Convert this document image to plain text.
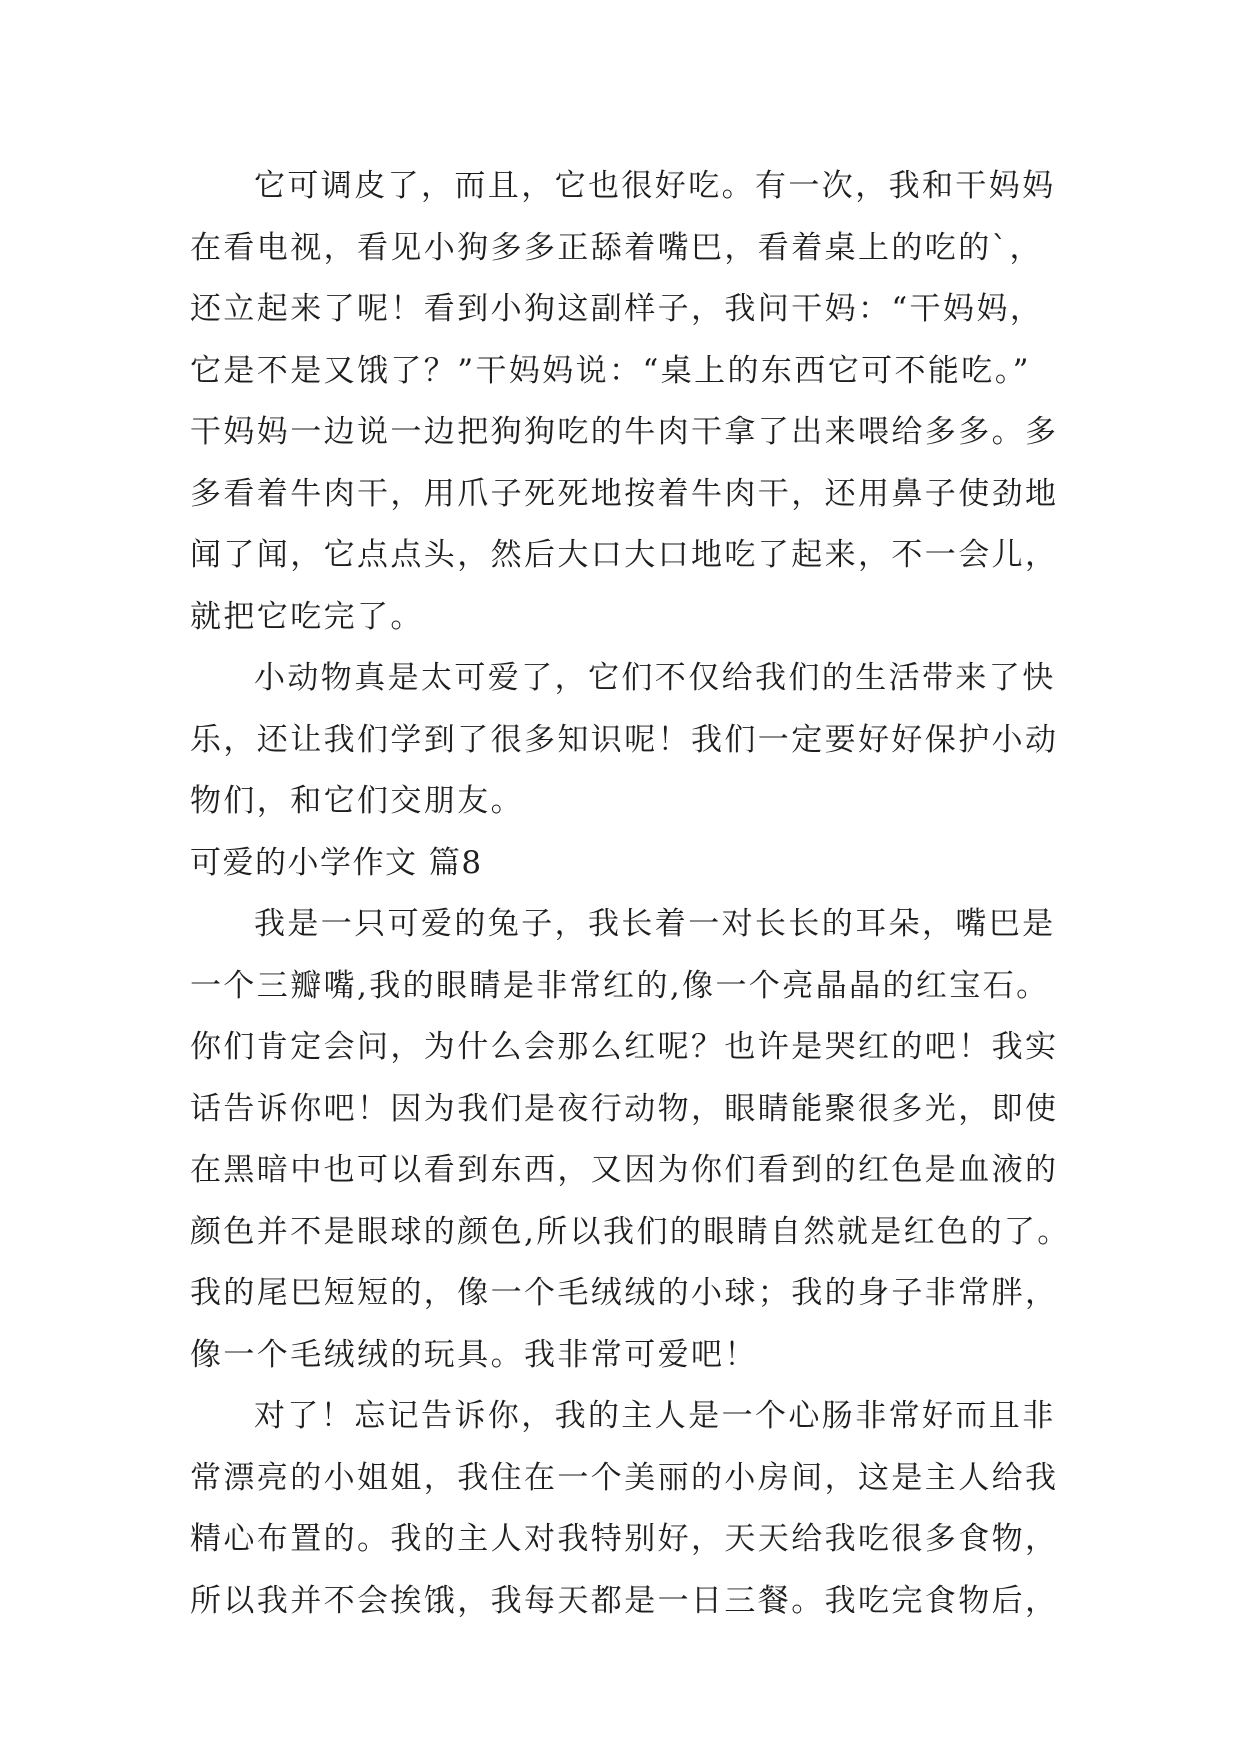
它可调皮了，而且，它也很好吃。有一次，我和干妈妈
在看电视，看见小狗多多正舔着嘴巴，看着桌上的吃的`，
还立起来了呢！看到小狗这副样子，我问干妈：“干妈妈，
它是不是又饿了？”干妈妈说：“桌上的东西它可不能吃。”
干妈妈一边说一边把狗狗吃的牛肉干拿了出来喂给多多。多
多看着牛肉干，用爪子死死地按着牛肉干，还用鼻子使劲地
闻了闻，它点点头，然后大口大口地吃了起来，不一会儿，
就把它吃完了。
小动物真是太可爱了，它们不仅给我们的生活带来了快
乐，还让我们学到了很多知识呢！我们一定要好好保护小动
物们，和它们交朋友。
可爱的小学作文 篇8
我是一只可爱的兔子，我长着一对长长的耳朵，嘴巴是
一个三瓣嘴,我的眼睛是非常红的,像一个亮晶晶的红宝石。
你们肯定会问，为什么会那么红呢？也许是哭红的吧！我实
话告诉你吧！因为我们是夜行动物，眼睛能聚很多光，即使
在黑暗中也可以看到东西，又因为你们看到的红色是血液的
颜色并不是眼球的颜色,所以我们的眼睛自然就是红色的了。
我的尾巴短短的，像一个毛绒绒的小球；我的身子非常胖，
像一个毛绒绒的玩具。我非常可爱吧！
对了！忘记告诉你，我的主人是一个心肠非常好而且非
常漂亮的小姐姐，我住在一个美丽的小房间，这是主人给我
精心布置的。我的主人对我特别好，天天给我吃很多食物，
所以我并不会挨饿，我每天都是一日三餐。我吃完食物后，
